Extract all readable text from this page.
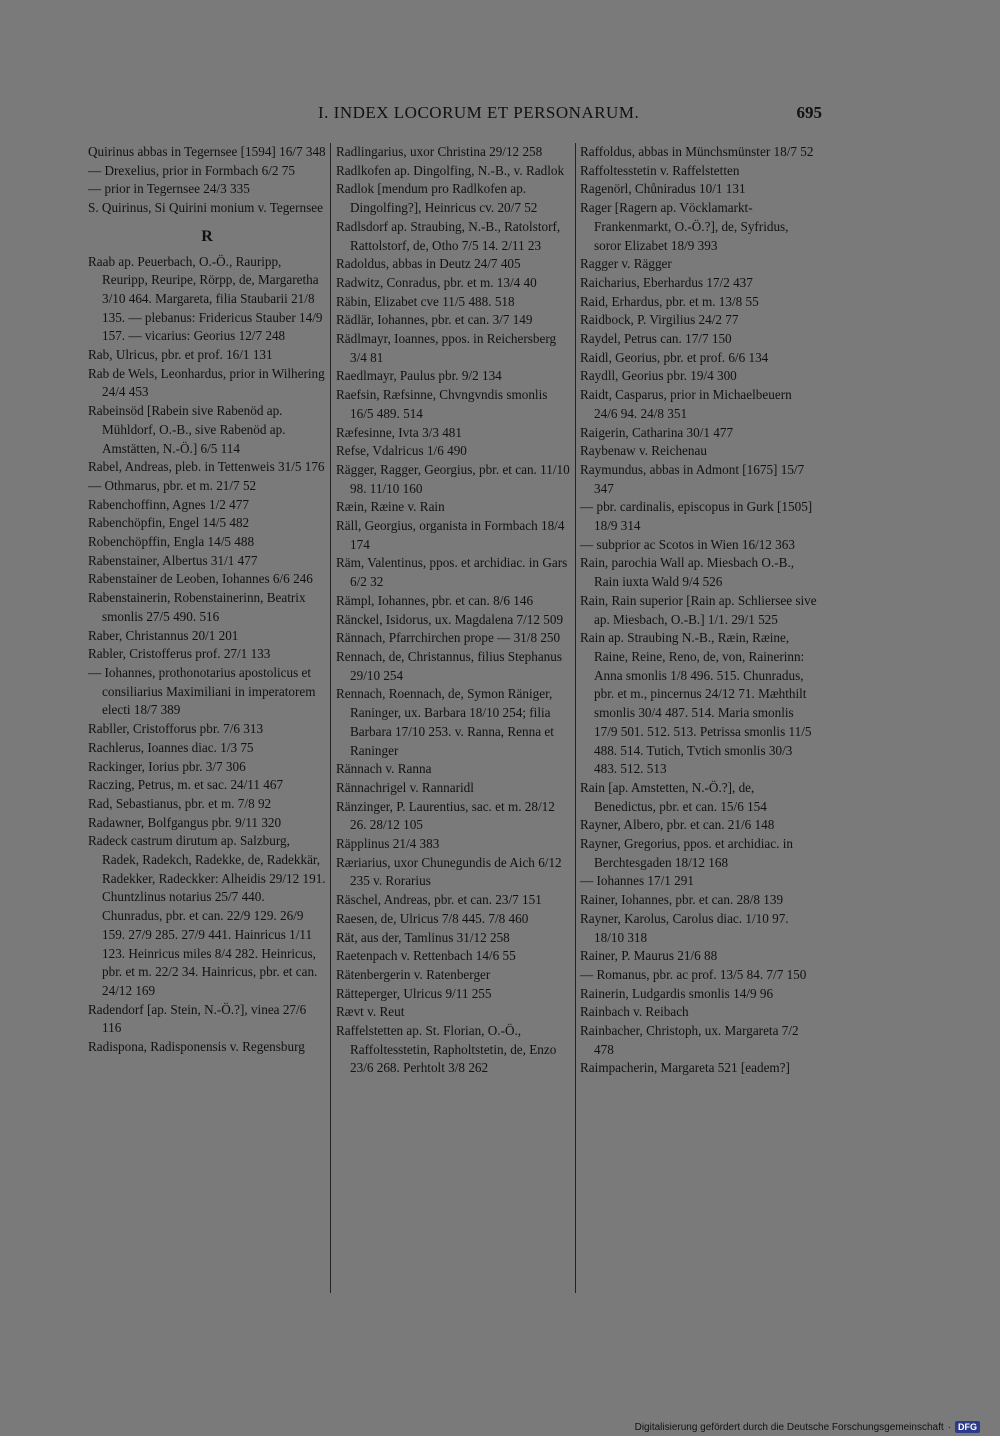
I. INDEX LOCORUM ET PERSONARUM.	695

Quirinus abbas in Tegernsee [1594] 16/7 348

— Drexelius, prior in Formbach 6/2 75

— prior in Tegernsee 24/3 335

S. Quirinus, Si Quirini monium v. Tegernsee

R

Raab ap. Peuerbach, O.-Ö., Rauripp, Reuripp, Reuripe, Rörpp, de, Margaretha 3/10 464. Margareta, filia Staubarii 21/8 135. — plebanus: Fridericus Stauber 14/9 157. — vicarius: Georius 12/7 248

Rab, Ulricus, pbr. et prof. 16/1 131

Rab de Wels, Leonhardus, prior in Wilhering 24/4 453

Rabeinsöd [Rabein sive Rabenöd ap. Mühldorf, O.-B., sive Rabenöd ap. Amstätten, N.-Ö.] 6/5 114

Rabel, Andreas, pleb. in Tettenweis 31/5 176

— Othmarus, pbr. et m. 21/7 52

Rabenchoffinn, Agnes 1/2 477

Rabenchöpfin, Engel 14/5 482

Robenchöpffin, Engla 14/5 488

Rabenstainer, Albertus 31/1 477

Rabenstainer de Leoben, Iohannes 6/6 246

Rabenstainerin, Robenstainerinn, Beatrix smonlis 27/5 490. 516

Raber, Christannus 20/1 201

Rabler, Cristofferus prof. 27/1 133

— Iohannes, prothonotarius apostolicus et consiliarius Maximiliani in imperatorem electi 18/7 389

Rabller, Cristofforus pbr. 7/6 313

Rachlerus, Ioannes diac. 1/3 75

Rackinger, Iorius pbr. 3/7 306

Raczing, Petrus, m. et sac. 24/11 467

Rad, Sebastianus, pbr. et m. 7/8 92

Radawner, Bolfgangus pbr. 9/11 320

Radeck castrum dirutum ap. Salzburg, Radek, Radekch, Radekke, de, Radekkär, Radekker, Radeckker: Alheidis 29/12 191. Chuntzlinus notarius 25/7 440. Chunradus, pbr. et can. 22/9 129. 26/9 159. 27/9 285. 27/9 441. Hainricus 1/11 123. Heinricus miles 8/4 282. Heinricus, pbr. et m. 22/2 34. Hainricus, pbr. et can. 24/12 169

Radendorf [ap. Stein, N.-Ö.?], vinea 27/6 116

Radispona, Radisponensis v. Regensburg

Radlingarius, uxor Christina 29/12 258

Radlkofen ap. Dingolfing, N.-B., v. Radlok

Radlok [mendum pro Radlkofen ap. Dingolfing?], Heinricus cv. 20/7 52

Radlsdorf ap. Straubing, N.-B., Ratolstorf, Rattolstorf, de, Otho 7/5 14. 2/11 23

Radoldus, abbas in Deutz 24/7 405

Radwitz, Conradus, pbr. et m. 13/4 40

Räbin, Elizabet cve 11/5 488. 518

Rädlär, Iohannes, pbr. et can. 3/7 149

Rädlmayr, Ioannes, ppos. in Reichersberg 3/4 81

Raedlmayr, Paulus pbr. 9/2 134

Raefsin, Ræfsinne, Chvngvndis smonlis 16/5 489. 514

Ræfesinne, Ivta 3/3 481

Refse, Vdalricus 1/6 490

Rägger, Ragger, Georgius, pbr. et can. 11/10 98. 11/10 160

Ræin, Ræine v. Rain

Räll, Georgius, organista in Formbach 18/4 174

Räm, Valentinus, ppos. et archidiac. in Gars 6/2 32

Rämpl, Iohannes, pbr. et can. 8/6 146

Ränckel, Isidorus, ux. Magdalena 7/12 509

Rännach, Pfarrchirchen prope — 31/8 250

Rennach, de, Christannus, filius Stephanus 29/10 254

Rennach, Roennach, de, Symon Räniger, Raninger, ux. Barbara 18/10 254; filia Barbara 17/10 253. v. Ranna, Renna et Raninger

Rännach v. Ranna

Rännachrigel v. Rannaridl

Ränzinger, P. Laurentius, sac. et m. 28/12 26. 28/12 105

Räpplinus 21/4 383

Ræriarius, uxor Chunegundis de Aich 6/12 235 v. Rorarius

Räschel, Andreas, pbr. et can. 23/7 151

Raesen, de, Ulricus 7/8 445. 7/8 460

Rät, aus der, Tamlinus 31/12 258

Raetenpach v. Rettenbach 14/6 55

Rätenbergerin v. Ratenberger

Rätteperger, Ulricus 9/11 255

Rævt v. Reut

Raffelstetten ap. St. Florian, O.-Ö., Raffoltesstetin, Rapholtstetin, de, Enzo 23/6 268. Perhtolt 3/8 262

Raffoldus, abbas in Münchsmünster 18/7 52

Raffoltesstetin v. Raffelstetten

Ragenörl, Chůniradus 10/1 131

Rager [Ragern ap. Vöcklamarkt-Frankenmarkt, O.-Ö.?], de, Syfridus, soror Elizabet 18/9 393

Ragger v. Rägger

Raicharius, Eberhardus 17/2 437

Raid, Erhardus, pbr. et m. 13/8 55

Raidbock, P. Virgilius 24/2 77

Raydel, Petrus can. 17/7 150

Raidl, Georius, pbr. et prof. 6/6 134

Raydll, Georius pbr. 19/4 300

Raidt, Casparus, prior in Michaelbeuern 24/6 94. 24/8 351

Raigerin, Catharina 30/1 477

Raybenaw v. Reichenau

Raymundus, abbas in Admont [1675] 15/7 347

— pbr. cardinalis, episcopus in Gurk [1505] 18/9 314

— subprior ac Scotos in Wien 16/12 363

Rain, parochia Wall ap. Miesbach O.-B., Rain iuxta Wald 9/4 526

Rain, Rain superior [Rain ap. Schliersee sive ap. Miesbach, O.-B.] 1/1. 29/1 525

Rain ap. Straubing N.-B., Ræin, Ræine, Raine, Reine, Reno, de, von, Rainerinn: Anna smonlis 1/8 496. 515. Chunradus, pbr. et m., pincernus 24/12 71. Mæhthilt smonlis 30/4 487. 514. Maria smonlis 17/9 501. 512. 513. Petrissa smonlis 11/5 488. 514. Tutich, Tvtich smonlis 30/3 483. 512. 513

Rain [ap. Amstetten, N.-Ö.?], de, Benedictus, pbr. et can. 15/6 154

Rayner, Albero, pbr. et can. 21/6 148

Rayner, Gregorius, ppos. et archidiac. in Berchtesgaden 18/12 168

— Iohannes 17/1 291

Rainer, Iohannes, pbr. et can. 28/8 139

Rayner, Karolus, Carolus diac. 1/10 97. 18/10 318

Rainer, P. Maurus 21/6 88

— Romanus, pbr. ac prof. 13/5 84. 7/7 150

Rainerin, Ludgardis smonlis 14/9 96

Rainbach v. Reibach

Rainbacher, Christoph, ux. Margareta 7/2 478

Raimpacherin, Margareta 521 [eadem?]

Digitalisierung gefördert durch die Deutsche Forschungsgemeinschaft · DFG
